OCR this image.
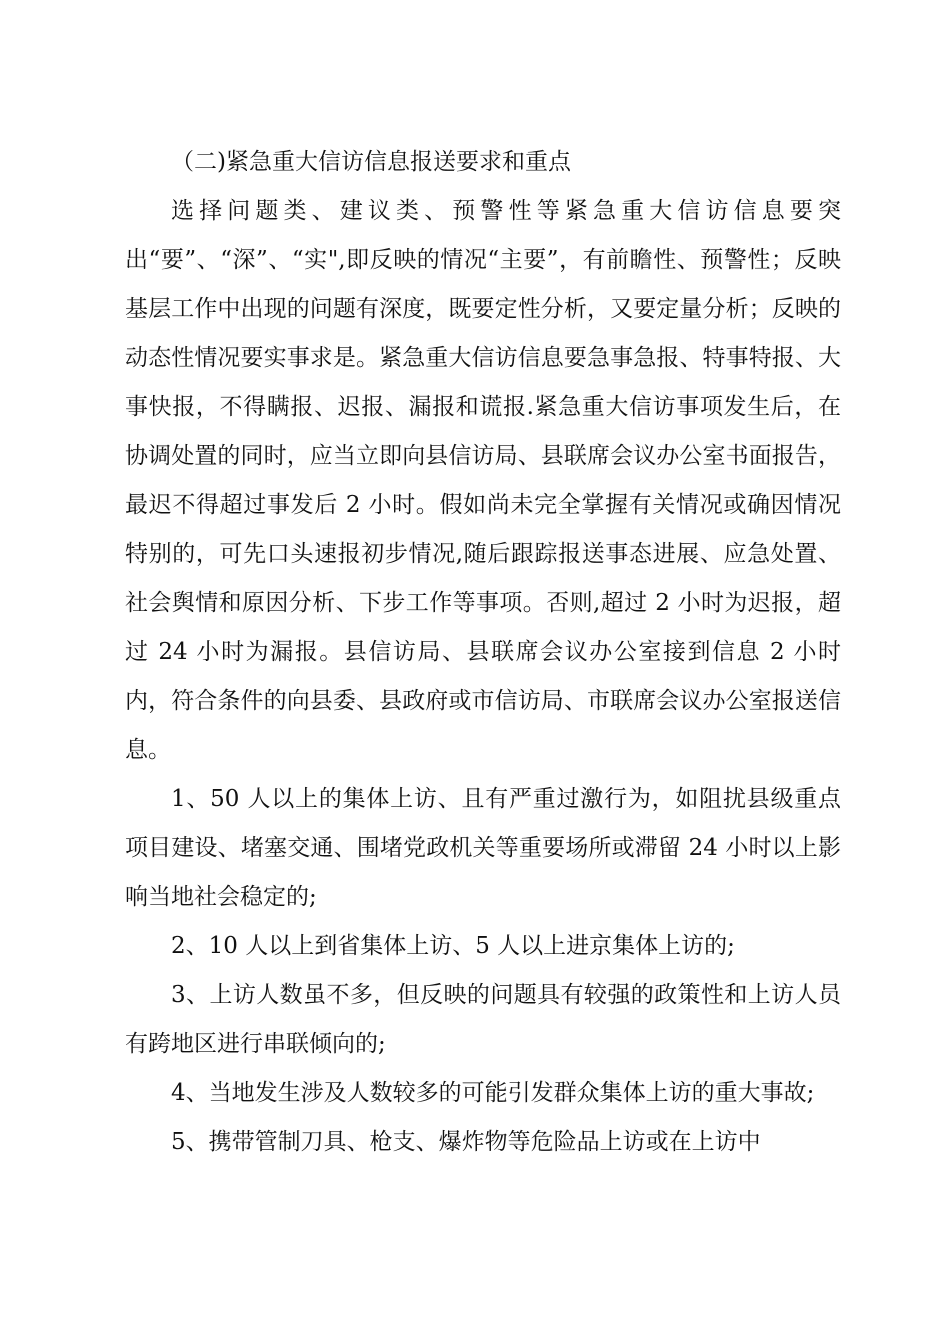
（二)紧急重大信访信息报送要求和重点

选择问题类、建议类、预警性等紧急重大信访信息要突出“要”、“深”、“实",即反映的情况“主要”，有前瞻性、预警性；反映基层工作中出现的问题有深度，既要定性分析，又要定量分析；反映的动态性情况要实事求是。紧急重大信访信息要急事急报、特事特报、大事快报，不得瞒报、迟报、漏报和谎报.紧急重大信访事项发生后，在协调处置的同时，应当立即向县信访局、县联席会议办公室书面报告，最迟不得超过事发后 2 小时。假如尚未完全掌握有关情况或确因情况特别的，可先口头速报初步情况,随后跟踪报送事态进展、应急处置、社会舆情和原因分析、下步工作等事项。否则,超过 2 小时为迟报，超过 24 小时为漏报。县信访局、县联席会议办公室接到信息 2 小时内，符合条件的向县委、县政府或市信访局、市联席会议办公室报送信息。

1、50 人以上的集体上访、且有严重过激行为，如阻扰县级重点项目建设、堵塞交通、围堵党政机关等重要场所或滞留 24 小时以上影响当地社会稳定的;

2、10 人以上到省集体上访、5 人以上进京集体上访的;

3、上访人数虽不多，但反映的问题具有较强的政策性和上访人员有跨地区进行串联倾向的;

4、当地发生涉及人数较多的可能引发群众集体上访的重大事故;

5、携带管制刀具、枪支、爆炸物等危险品上访或在上访中
